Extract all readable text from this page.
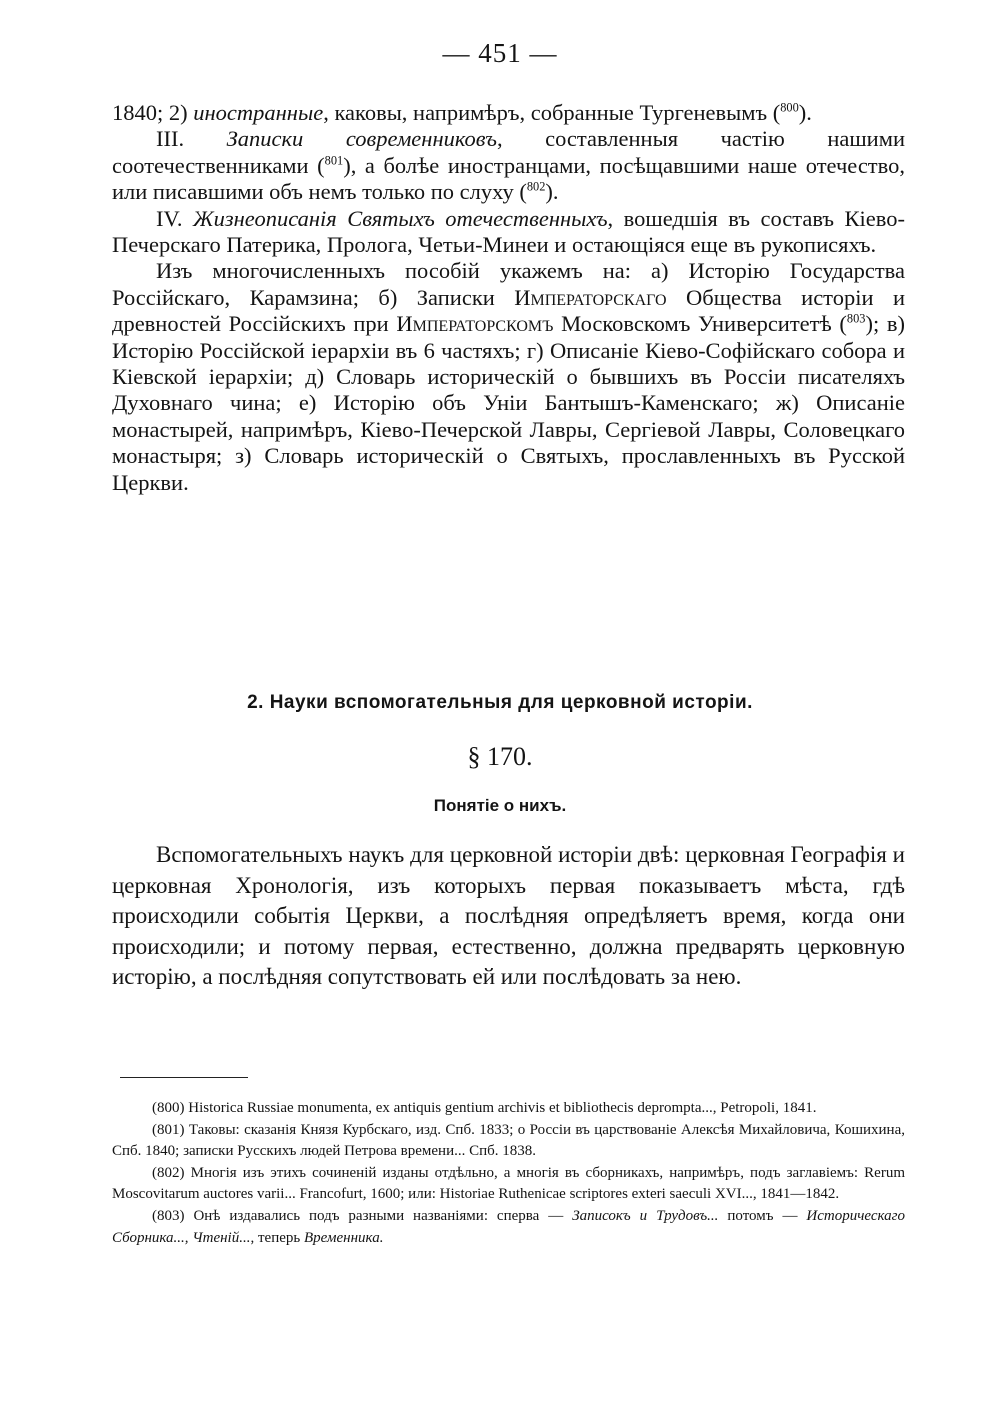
— 451 —

1840; 2) иностранные, каковы, напримѣръ, собранные Тургеневымъ ($^{800}$).

III. Записки современниковъ, составленныя частію нашими соотечественниками ($^{801}$), а болѣе иностранцами, посѣщавшими наше отечество, или писавшими объ немъ только по слуху ($^{802}$).

IV. Жизнеописанія Святыхъ отечественныхъ, вошедшія въ составъ Кіево-Печерскаго Патерика, Пролога, Четьи-Минеи и остающіяся еще въ рукописяхъ.

Изъ многочисленныхъ пособій укажемъ на: а) Исторію Государства Россійскаго, Карамзина; б) Записки Императорскаго Общества исторіи и древностей Россійскихъ при Императорскомъ Московскомъ Университетѣ ($^{803}$); в) Исторію Россійской іерархіи въ 6 частяхъ; г) Описаніе Кіево-Софійскаго собора и Кіевской іерархіи; д) Словарь историческій о бывшихъ въ Россіи писателяхъ Духовнаго чина; е) Исторію объ Уніи Бантышъ-Каменскаго; ж) Описаніе монастырей, напримѣръ, Кіево-Печерской Лавры, Сергіевой Лавры, Соловецкаго монастыря; з) Словарь историческій о Святыхъ, прославленныхъ въ Русской Церкви.

2. Науки вспомогательныя для церковной исторіи.
§ 170.
Понятіе о нихъ.

Вспомогательныхъ наукъ для церковной исторіи двѣ: церковная Географія и церковная Хронологія, изъ которыхъ первая показываетъ мѣста, гдѣ происходили событія Церкви, а послѣдняя опредѣляетъ время, когда они происходили; и потому первая, естественно, должна предварять церковную исторію, а послѣдняя сопутствовать ей или послѣдовать за нею.

(800) Historica Russiae monumenta, ex antiquis gentium archivis et bibliothecis deprompta..., Petropoli, 1841.

(801) Таковы: сказанія Князя Курбскаго, изд. Спб. 1833; о Россіи въ царствованіе Алексѣя Михайловича, Кошихина, Спб. 1840; записки Русскихъ людей Петрова времени... Спб. 1838.

(802) Многія изъ этихъ сочиненій изданы отдѣльно, а многія въ сборникахъ, напримѣръ, подъ заглавіемъ: Rerum Moscovitarum auctores varii... Francofurt, 1600; или: Historiae Ruthenicae scriptores exteri saeculi XVI..., 1841—1842.

(803) Онѣ издавались подъ разными названіями: сперва — Записокъ и Трудовъ... потомъ — Историческаго Сборника..., Чтеній..., теперь Временника.
